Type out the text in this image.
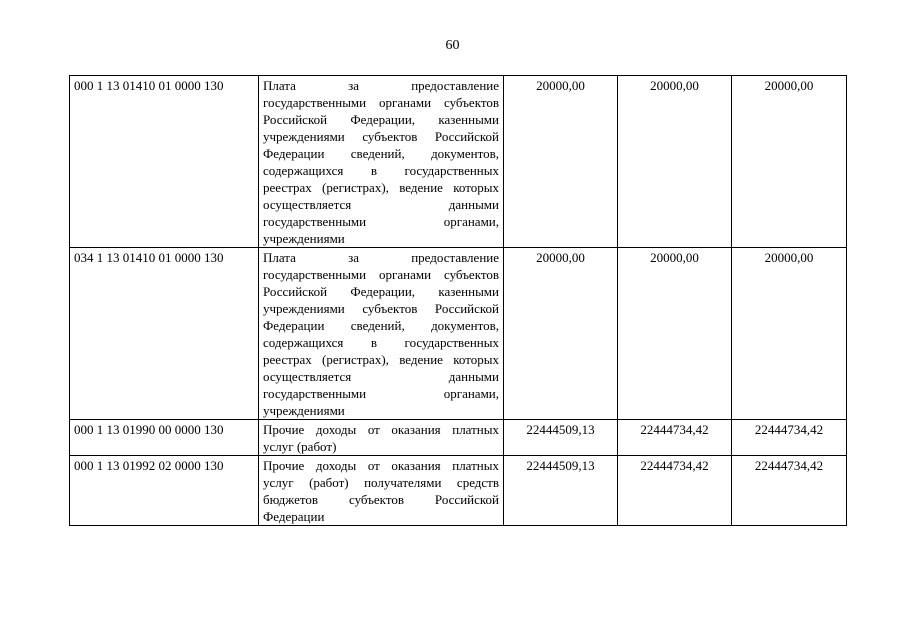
60
000 1 13 01410 01 0000 130	Плата за предоставление государственными органами субъектов Российской Федерации, казенными учреждениями субъектов Российской Федерации сведений, документов, содержащихся в государственных реестрах (регистрах), ведение которых осуществляется данными государственными органами, учреждениями	20000,00	20000,00	20000,00
034 1 13 01410 01 0000 130	Плата за предоставление государственными органами субъектов Российской Федерации, казенными учреждениями субъектов Российской Федерации сведений, документов, содержащихся в государственных реестрах (регистрах), ведение которых осуществляется данными государственными органами, учреждениями	20000,00	20000,00	20000,00
000 1 13 01990 00 0000 130	Прочие доходы от оказания платных услуг (работ)	22444509,13	22444734,42	22444734,42
000 1 13 01992 02 0000 130	Прочие доходы от оказания платных услуг (работ) получателями средств бюджетов субъектов Российской Федерации	22444509,13	22444734,42	22444734,42
